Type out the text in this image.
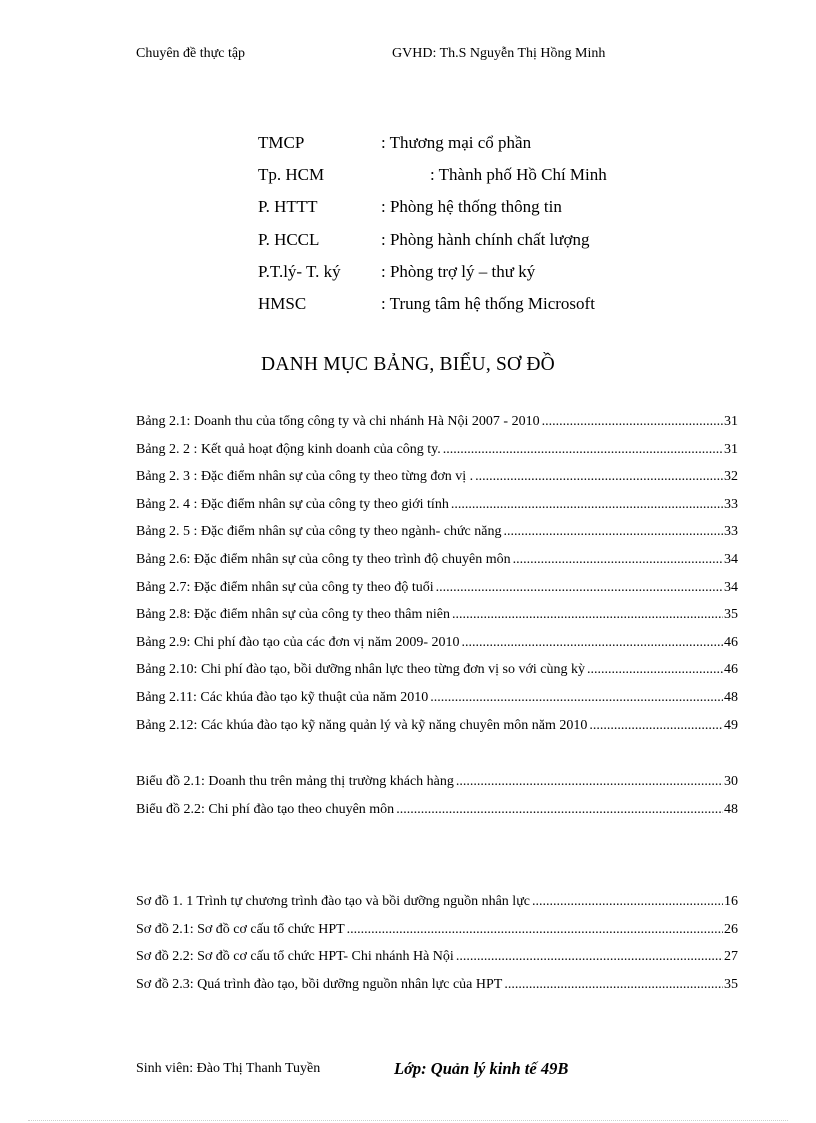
Chuyên đề thực tập	GVHD: Th.S Nguyễn Thị Hồng Minh
TMCP	: Thương mại cổ phần
Tp. HCM	: Thành phố Hồ Chí Minh
P. HTTT	: Phòng hệ thống thông tin
P. HCCL	: Phòng hành chính chất lượng
P.T.lý- T. ký : Phòng trợ lý – thư ký
HMSC	: Trung tâm hệ thống Microsoft
DANH MỤC BẢNG, BIỂU, SƠ ĐỒ
Bảng 2.1: Doanh thu của tổng công ty và chi nhánh Hà Nội 2007 - 2010 .....	31
Bảng 2. 2 : Kết quả hoạt động kinh doanh của công ty. .....	31
Bảng 2. 3 : Đặc điểm nhân sự của công ty theo từng đơn vị . .....	32
Bảng 2. 4 : Đặc điểm nhân sự của công ty theo giới tính .....	33
Bảng 2. 5 : Đặc điểm nhân sự của công ty theo ngành- chức năng .....	33
Bảng 2.6: Đặc điểm nhân sự của công ty theo trình độ chuyên môn .....	34
Bảng 2.7: Đặc điểm nhân sự của công ty theo độ tuổi .....	34
Bảng 2.8: Đặc điểm nhân sự của công ty theo thâm niên .....	35
Bảng 2.9: Chi phí đào tạo của các đơn vị năm 2009- 2010 .....	46
Bảng 2.10: Chi phí đào tạo, bồi dưỡng nhân lực theo từng đơn vị so với cùng kỳ .....	46
Bảng 2.11: Các khúa đào tạo kỹ thuật của năm 2010 .....	48
Bảng 2.12: Các khúa đào tạo kỹ năng quản lý và kỹ năng chuyên môn năm 2010 .....	49
Biểu đồ 2.1: Doanh thu trên mảng thị trường khách hàng .....	30
Biểu đồ 2.2: Chi phí đào tạo theo chuyên môn .....	48
Sơ đồ 1. 1 Trình tự chương trình đào tạo và bồi dưỡng nguồn nhân lực .....	16
Sơ đồ 2.1: Sơ đồ cơ cấu tổ chức HPT .....	26
Sơ đồ 2.2: Sơ đồ cơ cấu tổ chức HPT- Chi nhánh Hà Nội .....	27
Sơ đồ 2.3: Quá trình đào tạo, bồi dưỡng nguồn nhân lực của HPT .....	35
Sinh viên: Đào Thị Thanh Tuyền	Lớp: Quản lý kinh tế 49B
